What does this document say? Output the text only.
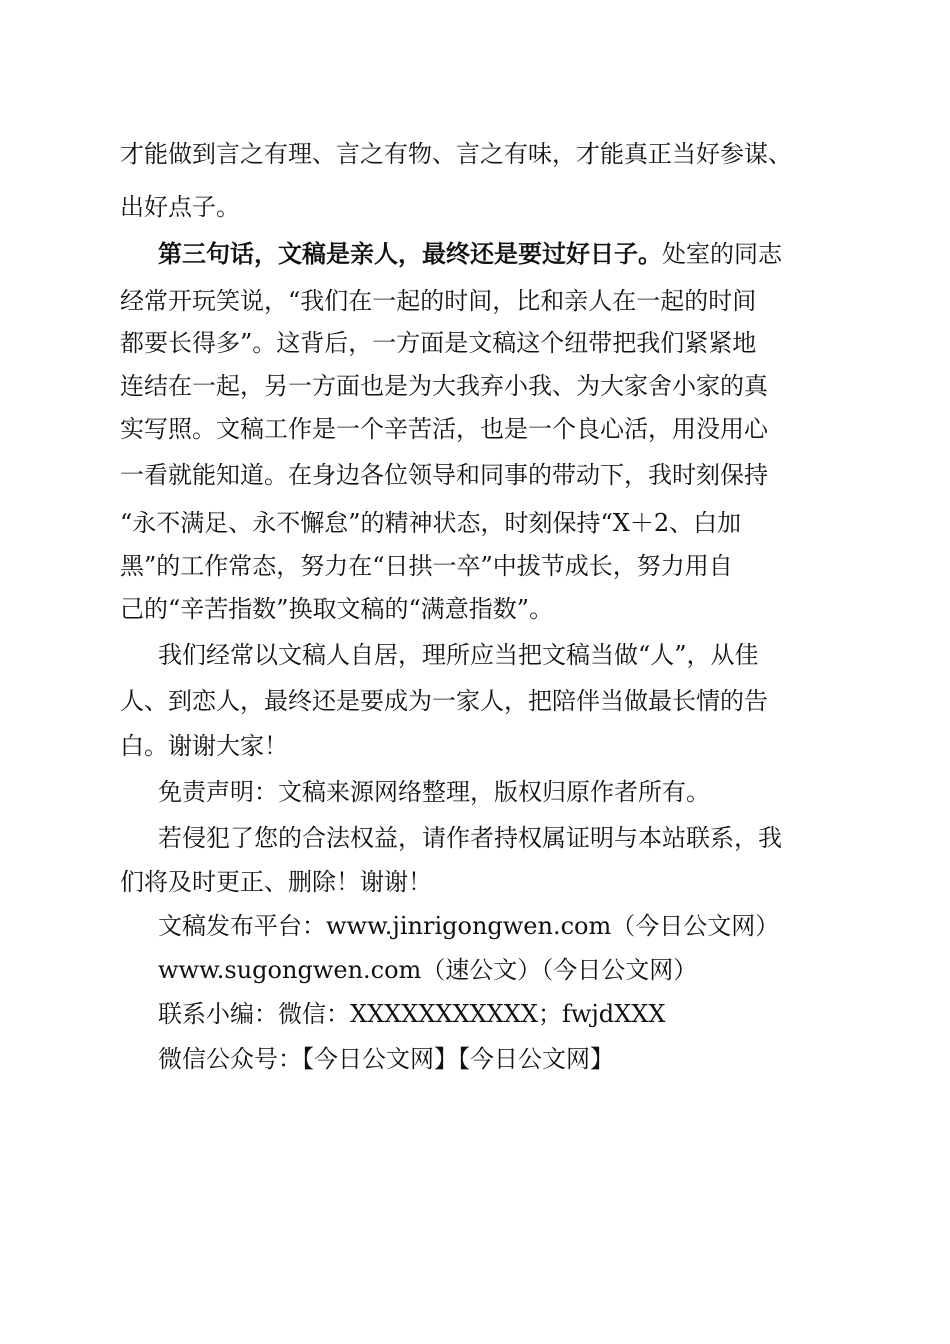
才能做到言之有理、言之有物、言之有味，才能真正当好参谋、
出好点子。
第三句话，文稿是亲人，最终还是要过好日子。处室的同志
经常开玩笑说，“我们在一起的时间，比和亲人在一起的时间
都要长得多”。这背后，一方面是文稿这个纽带把我们紧紧地
连结在一起，另一方面也是为大我弃小我、为大家舍小家的真
实写照。文稿工作是一个辛苦活，也是一个良心活，用没用心
一看就能知道。在身边各位领导和同事的带动下，我时刻保持
“永不满足、永不懈怠”的精神状态，时刻保持“X＋2、白加
黑”的工作常态，努力在“日拱一卒”中拔节成长，努力用自
己的“辛苦指数”换取文稿的“满意指数”。
我们经常以文稿人自居，理所应当把文稿当做“人”，从佳
人、到恋人，最终还是要成为一家人，把陪伴当做最长情的告
白。谢谢大家！
免责声明：文稿来源网络整理，版权归原作者所有。
若侵犯了您的合法权益，请作者持权属证明与本站联系，我
们将及时更正、删除！谢谢！
文稿发布平台：www.jinrigongwen.com（今日公文网）
www.sugongwen.com（速公文）（今日公文网）
联系小编：微信：XXXXXXXXXXX；fwjdXXX
微信公众号：【今日公文网】【今日公文网】
